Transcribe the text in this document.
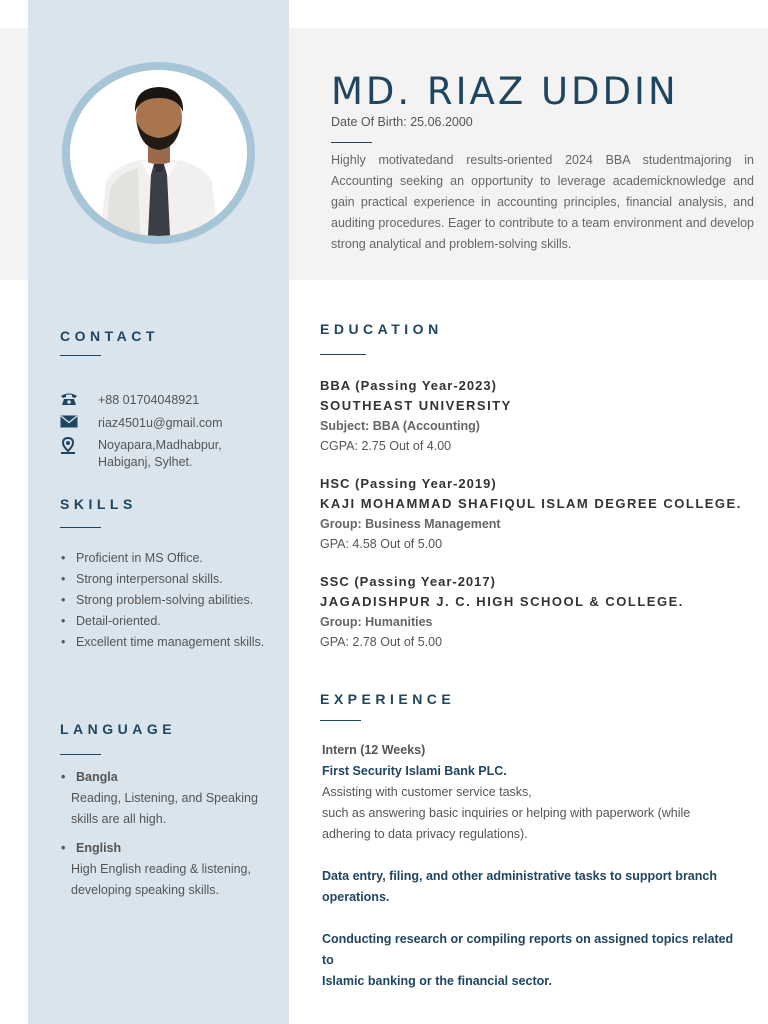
MD. RIAZ UDDIN
Date Of Birth: 25.06.2000

Highly motivatedand results-oriented 2024 BBA studentmajoring in Accounting seeking an opportunity to leverage academicknowledge and gain practical experience in accounting principles, financial analysis, and auditing procedures. Eager to contribute to a team environment and develop strong analytical and problem-solving skills.

CONTACT
+88 01704048921
riaz4501u@gmail.com
Noyapara,Madhabpur,
Habiganj, Sylhet.
SKILLS
• Proficient in MS Office.
• Strong interpersonal skills.
• Strong problem-solving abilities.
• Detail-oriented.
• Excellent time management skills.
LANGUAGE
• Bangla
Reading, Listening, and Speaking
skills are all high.
• English
High English reading & listening,
developing speaking skills.
EDUCATION
BBA (Passing Year-2023)
SOUTHEAST UNIVERSITY
Subject: BBA (Accounting)
CGPA: 2.75 Out of 4.00
HSC (Passing Year-2019)
KAJI MOHAMMAD SHAFIQUL ISLAM DEGREE COLLEGE.
Group: Business Management
GPA: 4.58 Out of 5.00
SSC (Passing Year-2017)
JAGADISHPUR J. C. HIGH SCHOOL & COLLEGE.
Group: Humanities
GPA: 2.78 Out of 5.00
EXPERIENCE
Intern (12 Weeks)
First Security Islami Bank PLC.
Assisting with customer service tasks,
such as answering basic inquiries or helping with paperwork (while
adhering to data privacy regulations).
Data entry, filing, and other administrative tasks to support branch
operations.
Conducting research or compiling reports on assigned topics related to
Islamic banking or the financial sector.
